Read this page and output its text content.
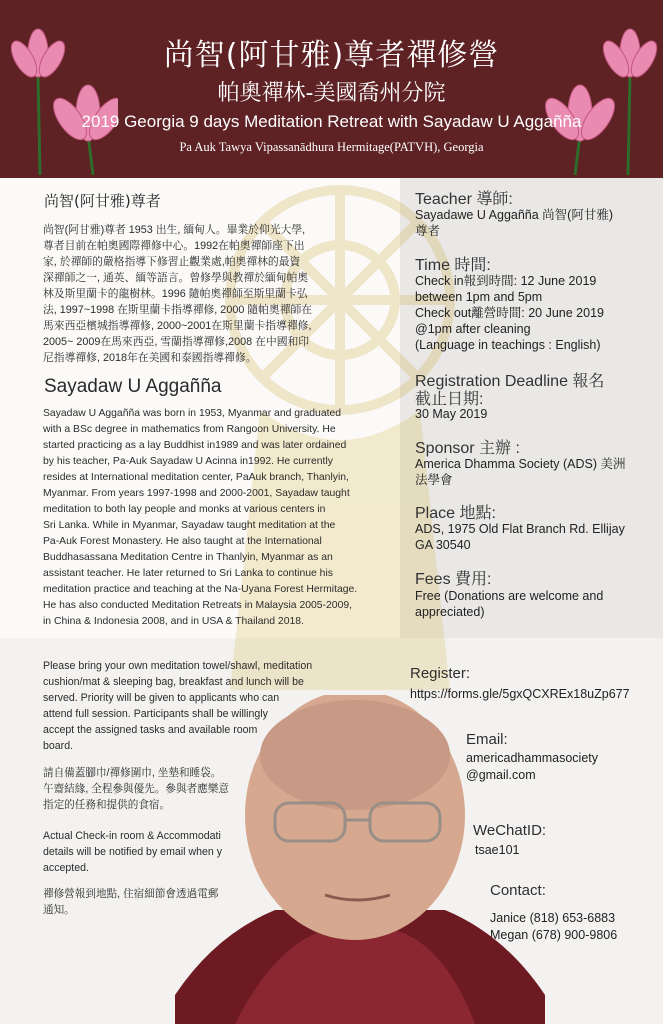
尚智(阿甘雅)尊者禪修營
帕奧禪林-美國喬州分院
2019 Georgia 9 days Meditation Retreat with Sayadaw U Aggañña
Pa Auk Tawya Vipassanādhura Hermitage(PATVH), Georgia
尚智(阿甘雅)尊者
尚智(阿甘雅)尊者 1953 出生, 緬甸人。畢業於仰光大學,
尊者目前在帕奧國際禪修中心。1992在帕奧禪師座下出
家, 於禪師的嚴格指導下修習止觀業處,帕奧禪林的最資
深禪師之一, 通英、緬等語言。曾修學與教禪於緬甸帕奧
林及斯里蘭卡的龍樹林。1996 隨帕奧禪師至斯里蘭卡弘
法, 1997~1998 在斯里蘭卡指導禪修, 2000 隨帕奧禪師在
馬來西亞檳城指導禪修, 2000~2001在斯里蘭卡指導禪修,
2005~ 2009在馬來西亞, 雪蘭指導禪修,2008 在中國和印
尼指導禪修, 2018年在美國和泰國指導禪修。
Sayadaw U Aggañña
Sayadaw U Aggañña was born in 1953, Myanmar and graduated
with a BSc degree in mathematics from Rangoon University. He
started practicing as a lay Buddhist in1989 and was later ordained
by his teacher, Pa-Auk Sayadaw U Acinna in1992. He currently
resides at International meditation center, PaAuk branch, Thanlyin,
Myanmar. From years 1997-1998 and 2000-2001, Sayadaw taught
meditation to both lay people and monks at various centers in
Sri Lanka. While in Myanmar, Sayadaw taught meditation at the
Pa-Auk Forest Monastery. He also taught at the International
Buddhasassana Meditation Centre in Thanlyin, Myanmar as an
assistant teacher. He later returned to Sri Lanka to continue his
meditation practice and teaching at the Na-Uyana Forest Hermitage.
He has also conducted Meditation Retreats in Malaysia 2005-2009,
in China & Indonesia 2008, and in USA & Thailand 2018.
Teacher 導師:
Sayadawe U Aggañña 尚智(阿甘雅)
尊者
Time 時間:
Check in報到時間: 12 June 2019
between 1pm and 5pm
Check out離營時間: 20 June 2019
@1pm after cleaning
(Language in teachings : English)
Registration Deadline 報名
截止日期:
30 May 2019
Sponsor 主辦 :
America Dhamma Society (ADS) 美洲
法學會
Place 地點:
ADS, 1975 Old Flat Branch Rd. Ellijay
GA 30540
Fees 費用:
Free (Donations are welcome and
appreciated)
Please bring your own meditation towel/shawl, meditation
cushion/mat & sleeping bag, breakfast and lunch will be
served. Priority will be given to applicants who can
attend full session. Participants shall be willingly
accept the assigned tasks and available room
board.
請自備蓋腳巾/禪修圍巾, 坐墊和睡袋。
午齋結緣, 全程參與優先。參與者應樂意
指定的任務和提供的食宿。
Actual Check-in room & Accommodati
details will be notified by email when y
accepted.
禪修營報到地點, 住宿細節會透過電郵
通知。
Register:
https://forms.gle/5gxQCXREx18uZp677
Email:
americadhammasociety
@gmail.com
WeChatID:
tsae101
Contact:
Janice (818) 653-6883
Megan (678) 900-9806
